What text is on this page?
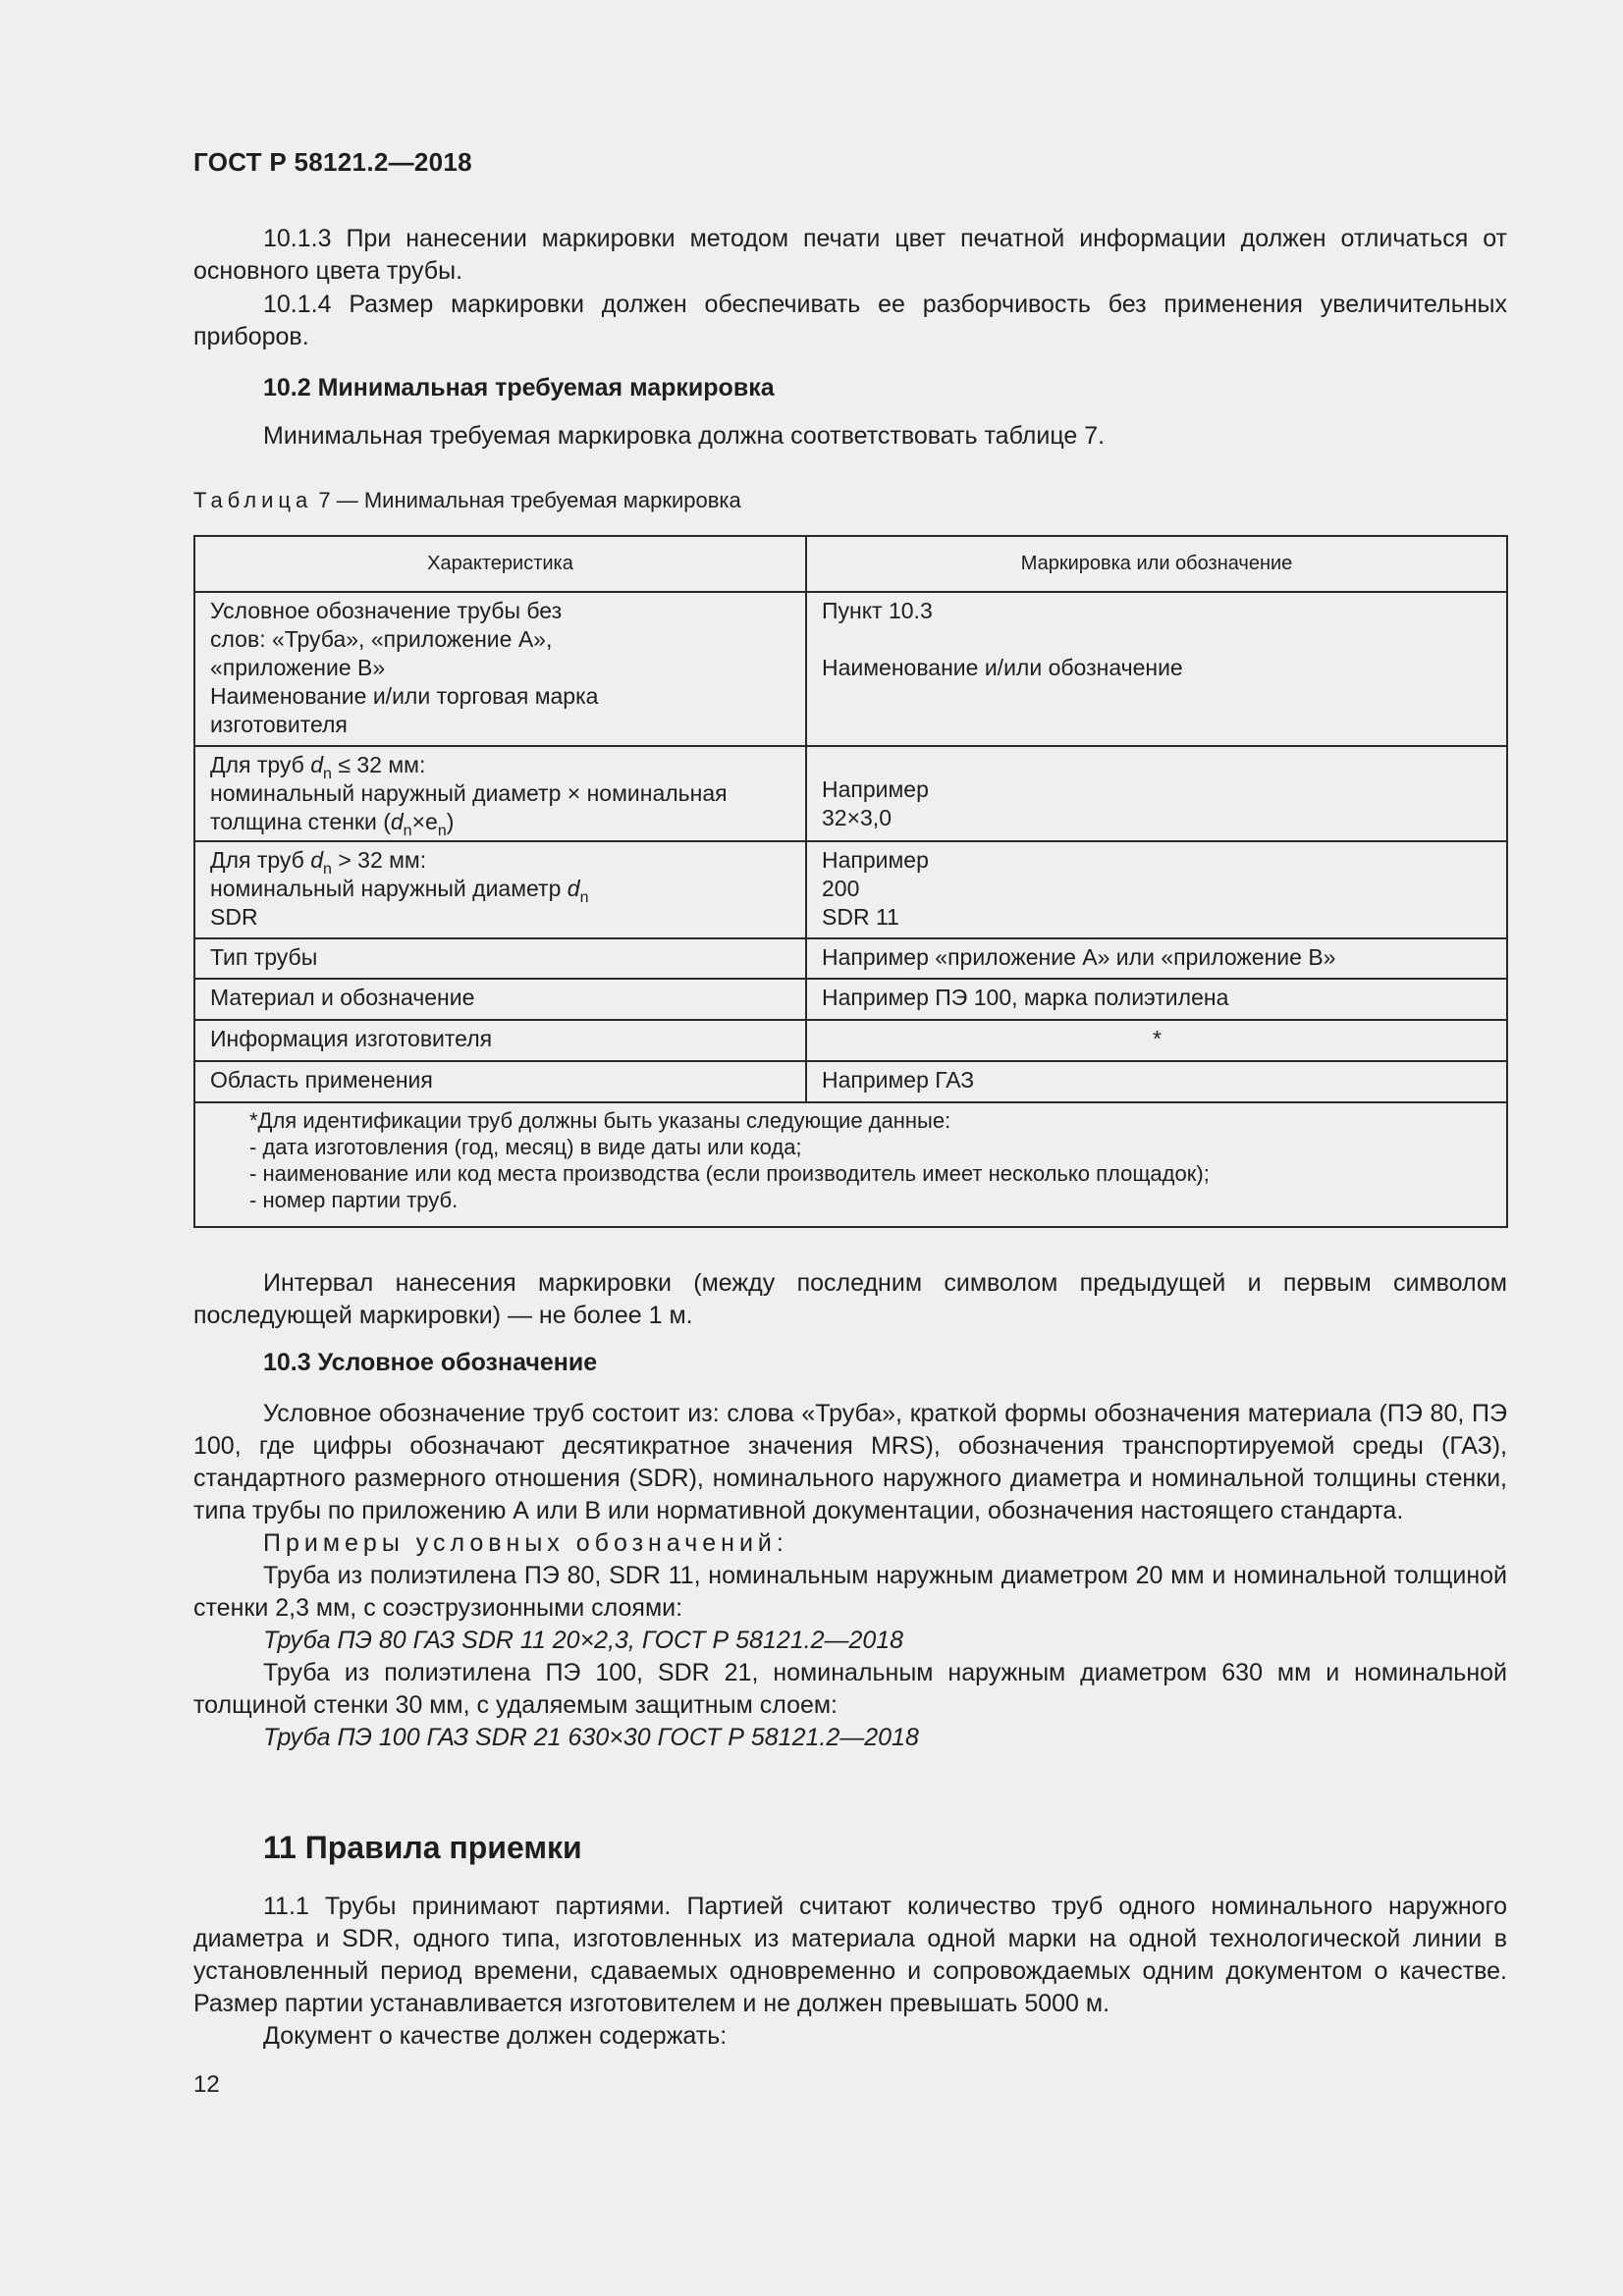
ГОСТ Р 58121.2—2018

10.1.3 При нанесении маркировки методом печати цвет печатной информации должен отличаться от основного цвета трубы.

10.1.4 Размер маркировки должен обеспечивать ее разборчивость без применения увеличительных приборов.

10.2 Минимальная требуемая маркировка

Минимальная требуемая маркировка должна соответствовать таблице 7.

Таблица 7 — Минимальная требуемая маркировка
Характеристика	Маркировка или обозначение

Условное обозначение трубы без
слов: «Труба», «приложение А»,
«приложение В»
Наименование и/или торговая марка
изготовителя	Пункт 10.3
Наименование и/или обозначение

Для труб $d_n \le 32$ мм:
номинальный наружный диаметр × номинальная
толщина стенки $(d_n\times e_n)$	Например
32×3,0

Для труб $d_n > 32$ мм:
номинальный наружный диаметр $d_n$
SDR	Например
200
SDR 11

Тип трубы	Например «приложение А» или «приложение В»
Материал и обозначение	Например ПЭ 100, марка полиэтилена
Информация изготовителя	*
Область применения	Например ГАЗ

*Для идентификации труб должны быть указаны следующие данные:
- дата изготовления (год, месяц) в виде даты или кода;
- наименование или код места производства (если производитель имеет несколько площадок);
- номер партии труб.	

Интервал нанесения маркировки (между последним символом предыдущей и первым символом последующей маркировки) — не более 1 м.

10.3 Условное обозначение

Условное обозначение труб состоит из: слова «Труба», краткой формы обозначения материала (ПЭ 80, ПЭ 100, где цифры обозначают десятикратное значения MRS), обозначения транспортируемой среды (ГАЗ), стандартного размерного отношения (SDR), номинального наружного диаметра и номинальной толщины стенки, типа трубы по приложению А или В или нормативной документации, обозначения настоящего стандарта.

Примеры условных обозначений:

Труба из полиэтилена ПЭ 80, SDR 11, номинальным наружным диаметром 20 мм и номинальной толщиной стенки 2,3 мм, с соэструзионными слоями:

Труба ПЭ 80 ГАЗ SDR 11 20×2,3, ГОСТ Р 58121.2—2018

Труба из полиэтилена ПЭ 100, SDR 21, номинальным наружным диаметром 630 мм и номинальной толщиной стенки 30 мм, с удаляемым защитным слоем:

Труба ПЭ 100 ГАЗ SDR 21 630×30 ГОСТ Р 58121.2—2018

11 Правила приемки

11.1 Трубы принимают партиями. Партией считают количество труб одного номинального наружного диаметра и SDR, одного типа, изготовленных из материала одной марки на одной технологической линии в установленный период времени, сдаваемых одновременно и сопровождаемых одним документом о качестве. Размер партии устанавливается изготовителем и не должен превышать 5000 м.

Документ о качестве должен содержать:

12
